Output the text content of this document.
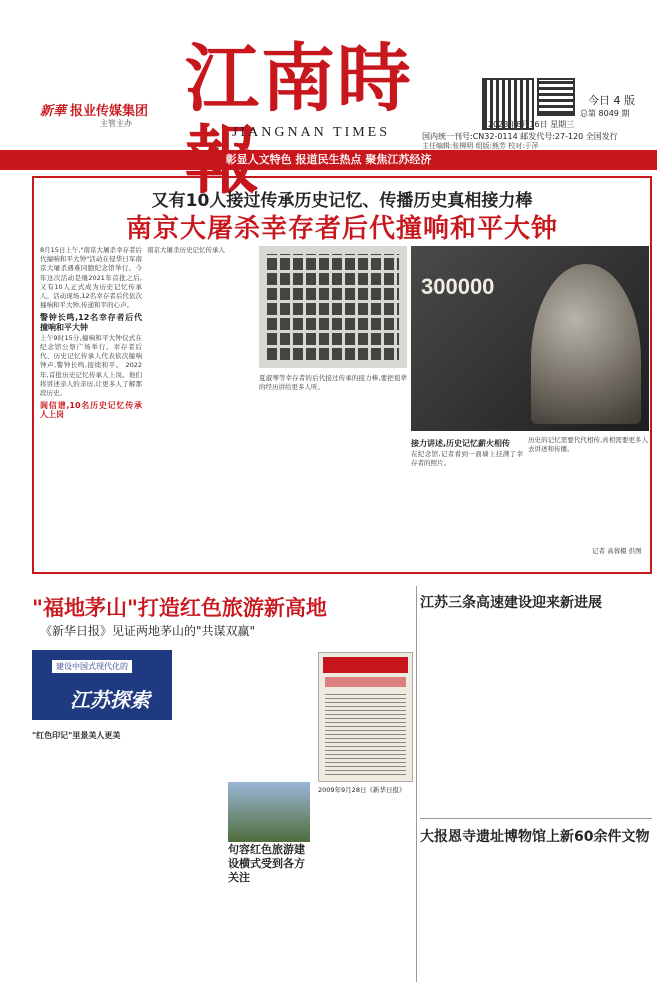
新華 报业传媒集团
主管主办
江南時
JIANGNAN TIMES
今日 4 版
总第 8049 期
2023年8月16日 星期三
国内统一刊号:CN32-0114 邮发代号:27-120 全国发行
主任编辑:张柳明 组版:熊芳 校对:于萍
彰显人文特色 报道民生热点 聚焦江苏经济
又有10人接过传承历史记忆、传播历史真相接力棒
南京大屠杀幸存者后代撞响和平大钟
8月15日上午,"南京大屠杀幸存者后代撞响和平大钟"活动在侵华日军南京大屠杀遇难同胞纪念馆举行。今年这次活动是继2021年首批之后,又有10人正式成为历史记忆传承人。活动现场,12名幸存者后代依次撞响和平大钟,传递和平的心声。
警钟长鸣,12名幸存者后代撞响和平大钟
上午9时15分,撞响和平大钟仪式在纪念馆公祭广场举行。幸存者后代、历史记忆传承人代表依次撞响钟声,警钟长鸣,接续和平。 2022年,首批历史记忆传承人上岗。他们将讲述亲人的亲历,让更多人了解那段历史。
阆信谱,10名历史记忆传承人上岗
南京大屠杀历史记忆传承人
夏淑琴等幸存者的后代接过传承的接力棒,要把祖辈的经历讲给更多人听。
300000
接力讲述,历史记忆薪火相传
在纪念馆,记者看到一面墙上挂满了幸存者的照片。
历史的记忆需要代代相传,真相需要更多人去讲述和传播。
记者 高蓉摄 供图
"福地茅山"打造红色旅游新高地
《新华日报》见证两地茅山的"共谋双赢"
建设中国式现代化的
江苏探索
"红色印记"里景美人更美
2009年9月28日《新华日报》
句容红色旅游建设横式受到各方关注
江苏三条高速建设迎来新进展
大报恩寺遗址博物馆上新60余件文物
